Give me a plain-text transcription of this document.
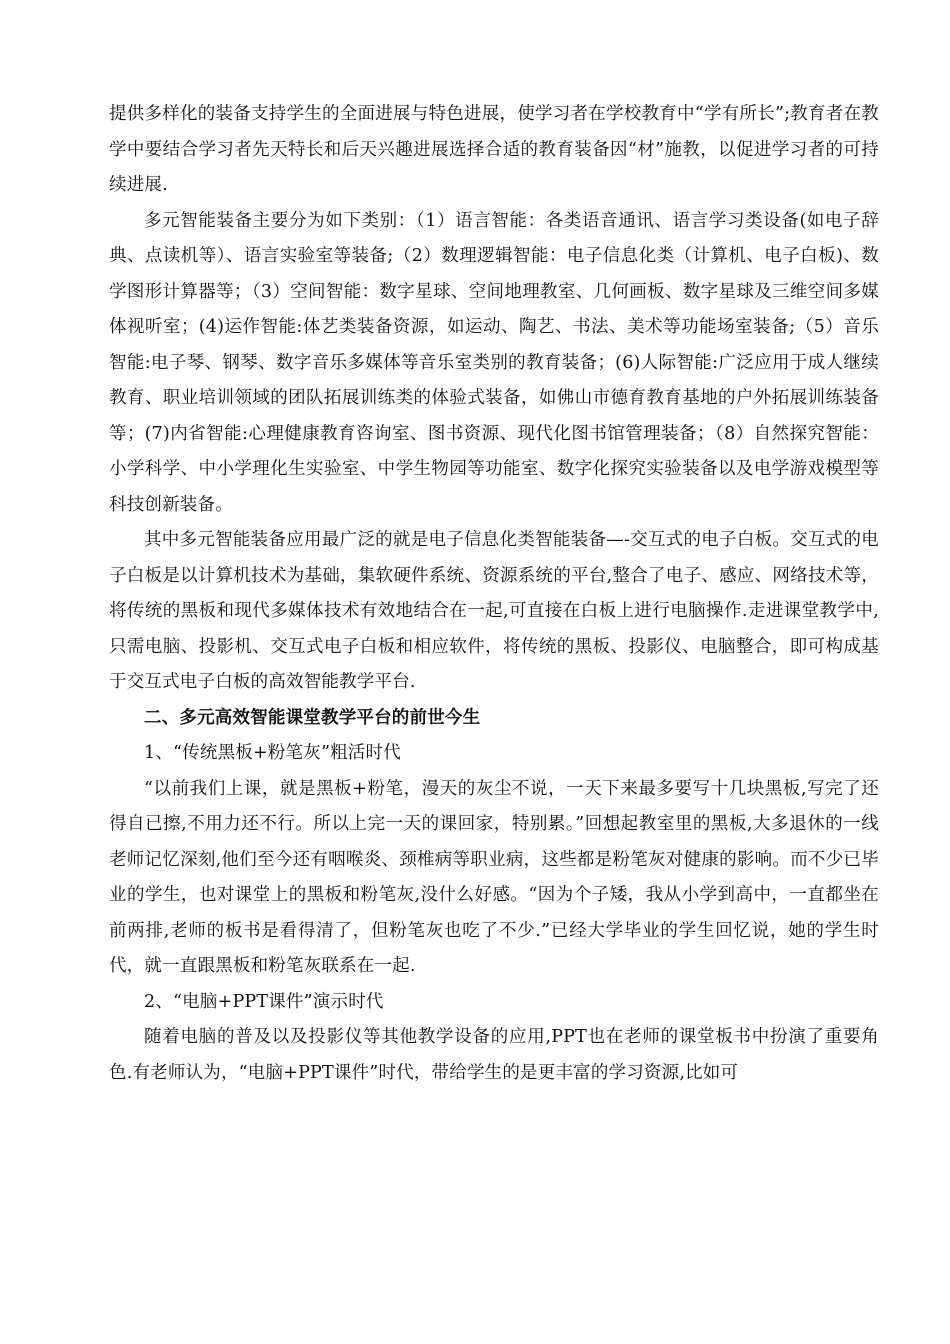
提供多样化的装备支持学生的全面进展与特色进展，使学习者在学校教育中“学有所长”;教育者在教学中要结合学习者先天特长和后天兴趣进展选择合适的教育装备因“材”施教，以促进学习者的可持续进展.

多元智能装备主要分为如下类别：（1）语言智能：各类语音通讯、语言学习类设备(如电子辞典、点读机等）、语言实验室等装备;（2）数理逻辑智能：电子信息化类（计算机、电子白板)、数学图形计算器等；（3）空间智能：数字星球、空间地理教室、几何画板、数字星球及三维空间多媒体视听室；(4)运作智能:体艺类装备资源，如运动、陶艺、书法、美术等功能场室装备;（5）音乐智能:电子琴、钢琴、数字音乐多媒体等音乐室类别的教育装备；(6)人际智能:广泛应用于成人继续教育、职业培训领域的团队拓展训练类的体验式装备，如佛山市德育教育基地的户外拓展训练装备等；(7)内省智能:心理健康教育咨询室、图书资源、现代化图书馆管理装备；（8）自然探究智能：小学科学、中小学理化生实验室、中学生物园等功能室、数字化探究实验装备以及电学游戏模型等科技创新装备。

其中多元智能装备应用最广泛的就是电子信息化类智能装备—-交互式的电子白板。交互式的电子白板是以计算机技术为基础，集软硬件系统、资源系统的平台,整合了电子、感应、网络技术等，将传统的黑板和现代多媒体技术有效地结合在一起,可直接在白板上进行电脑操作.走进课堂教学中,只需电脑、投影机、交互式电子白板和相应软件，将传统的黑板、投影仪、电脑整合，即可构成基于交互式电子白板的高效智能教学平台.

二、多元高效智能课堂教学平台的前世今生

1、“传统黑板+粉笔灰”粗活时代

“以前我们上课，就是黑板+粉笔，漫天的灰尘不说，一天下来最多要写十几块黑板,写完了还得自已擦,不用力还不行。所以上完一天的课回家，特别累。”回想起教室里的黑板,大多退休的一线老师记忆深刻,他们至今还有咽喉炎、颈椎病等职业病，这些都是粉笔灰对健康的影响。而不少已毕业的学生，也对课堂上的黑板和粉笔灰,没什么好感。“因为个子矮，我从小学到高中，一直都坐在前两排,老师的板书是看得清了，但粉笔灰也吃了不少.”已经大学毕业的学生回忆说，她的学生时代，就一直跟黑板和粉笔灰联系在一起.

2、“电脑+PPT课件”演示时代

随着电脑的普及以及投影仪等其他教学设备的应用,PPT也在老师的课堂板书中扮演了重要角色.有老师认为，“电脑+PPT课件”时代，带给学生的是更丰富的学习资源,比如可
